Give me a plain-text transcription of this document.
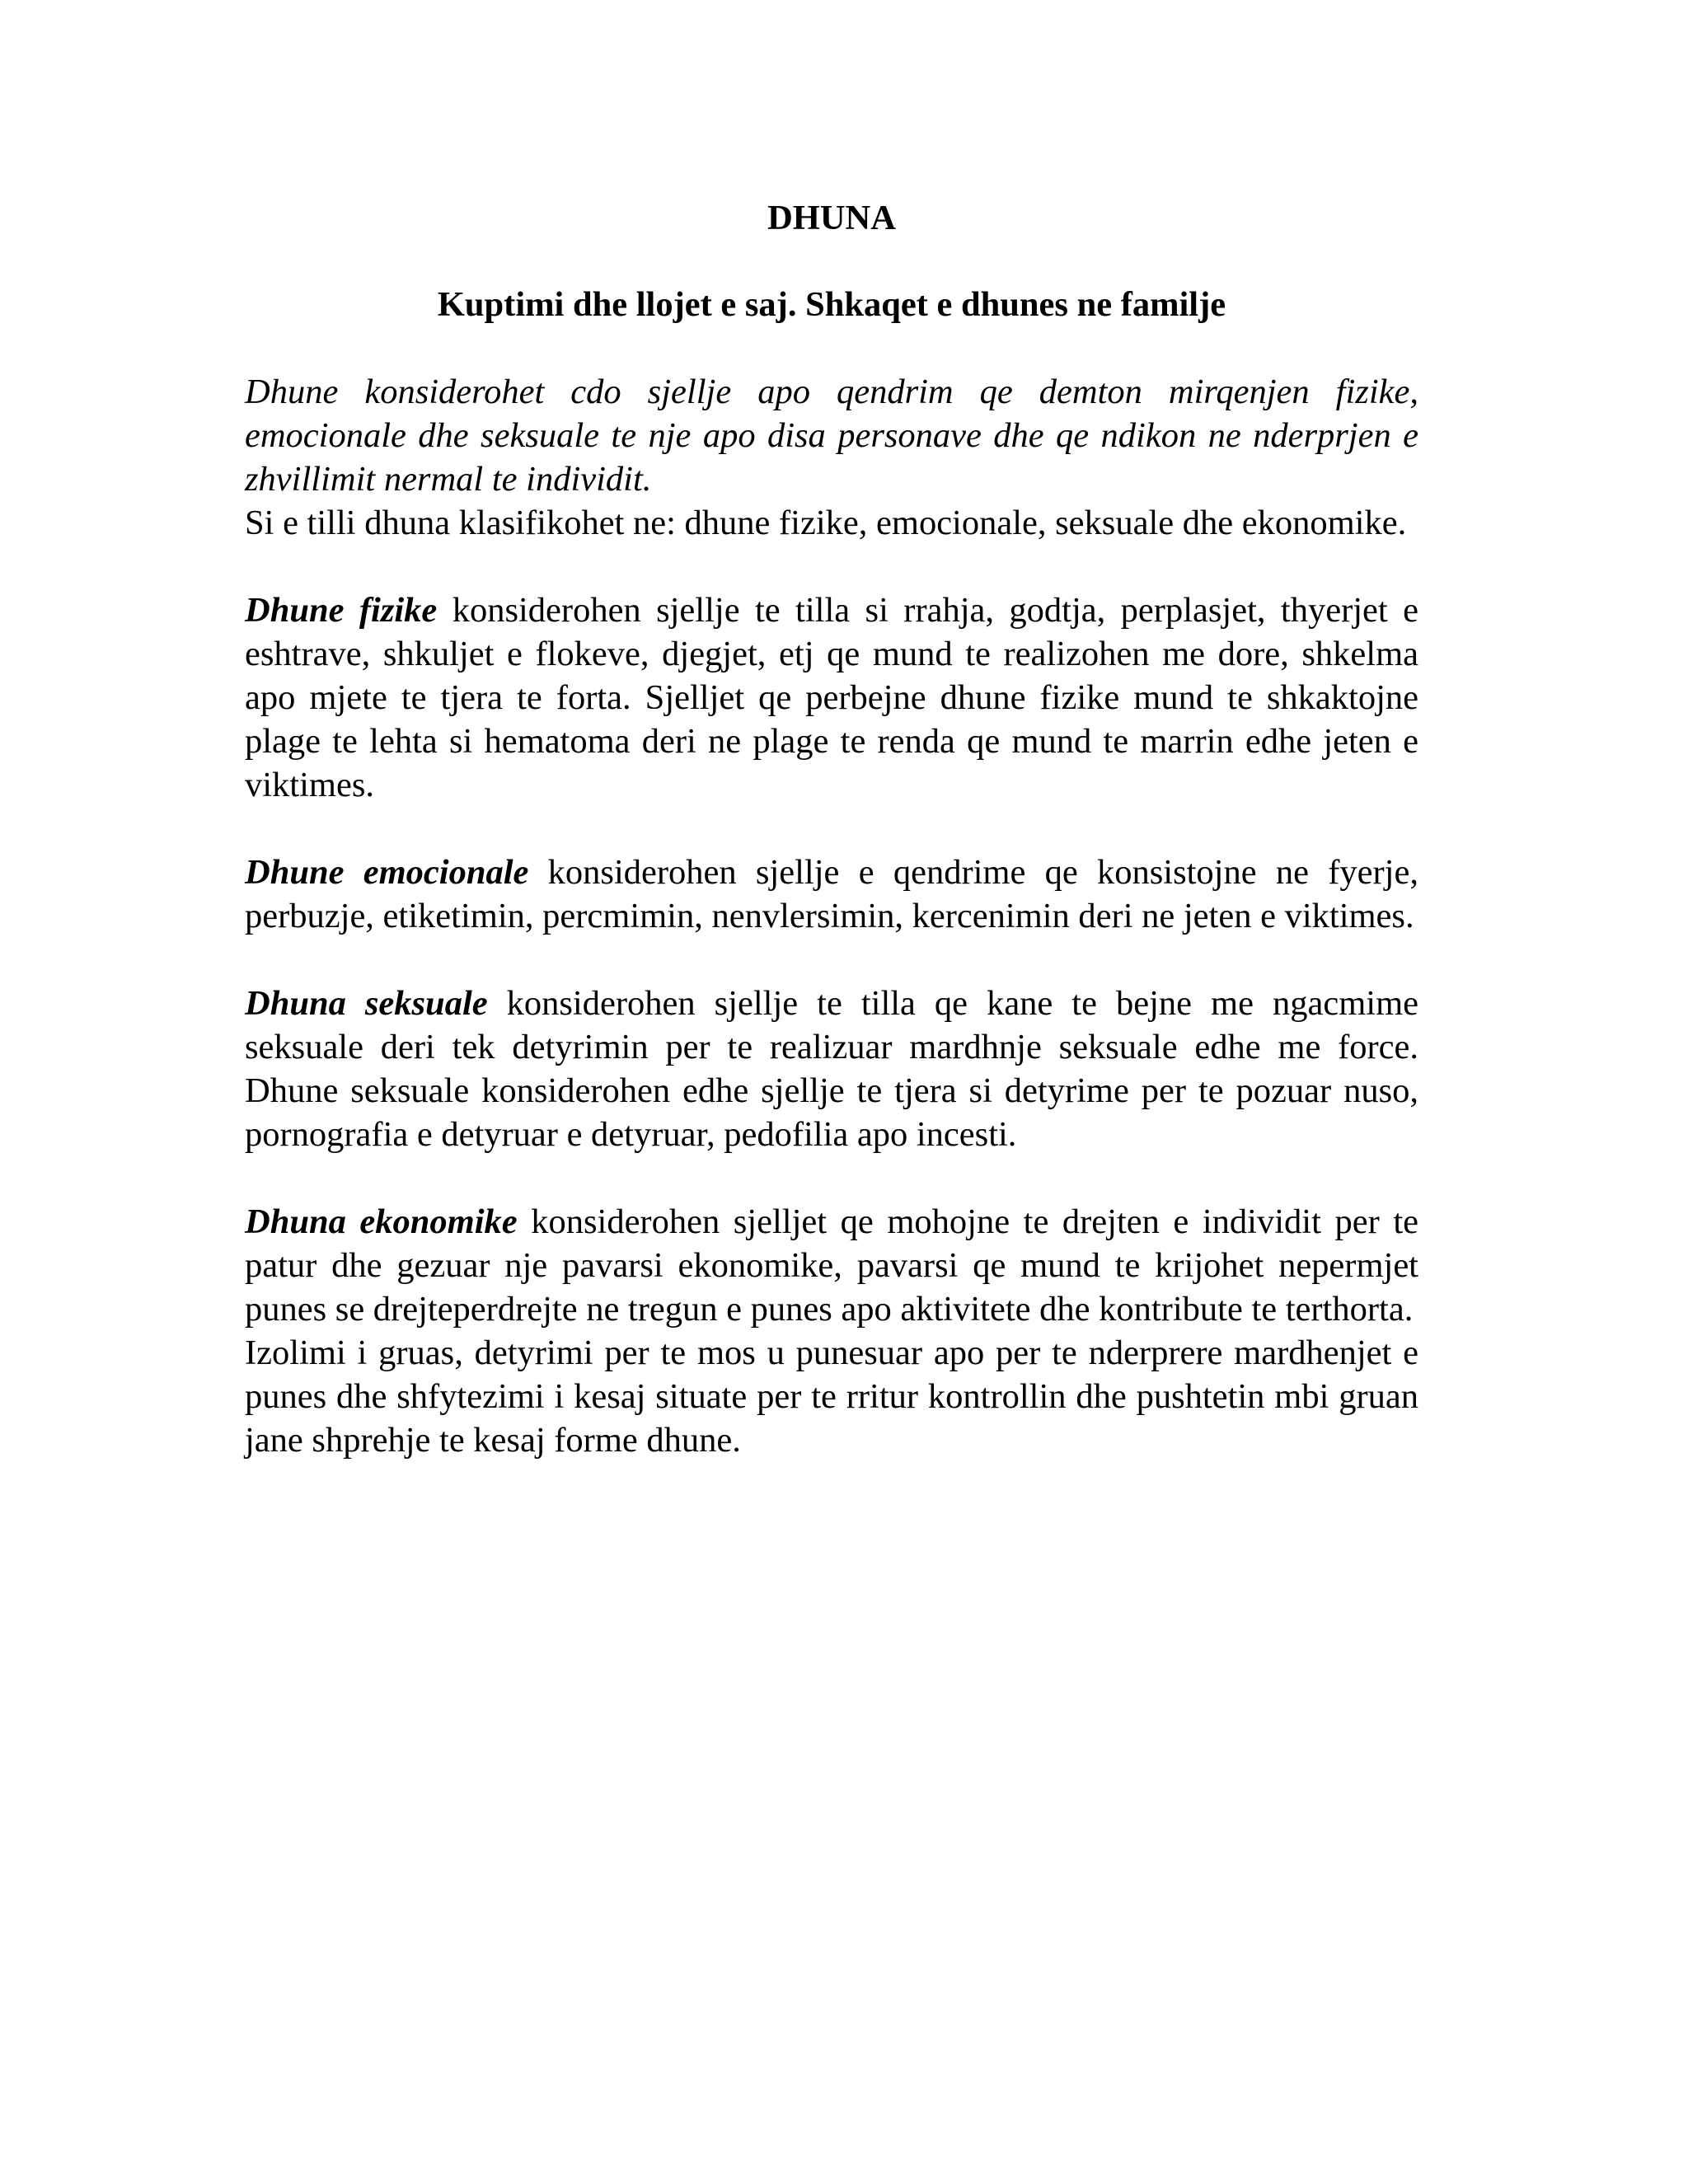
DHUNA
Kuptimi dhe llojet e saj. Shkaqet e dhunes ne familje

Dhune konsiderohet cdo sjellje apo qendrim qe demton mirqenjen fizike, emocionale dhe seksuale te nje apo disa personave dhe qe ndikon ne nderprjen e zhvillimit nermal te individit.

Si e tilli dhuna klasifikohet ne: dhune fizike, emocionale, seksuale dhe ekonomike.

Dhune fizike konsiderohen sjellje te tilla si rrahja, godtja, perplasjet, thyerjet e eshtrave, shkuljet e flokeve, djegjet, etj qe mund te realizohen me dore, shkelma apo mjete te tjera te forta. Sjelljet qe perbejne dhune fizike mund te shkaktojne plage te lehta si hematoma deri ne plage te renda qe mund te marrin edhe jeten e viktimes.

Dhune emocionale konsiderohen sjellje e qendrime qe konsistojne ne fyerje, perbuzje, etiketimin, percmimin, nenvlersimin, kercenimin deri ne jeten e viktimes.

Dhuna seksuale konsiderohen sjellje te tilla qe kane te bejne me ngacmime seksuale deri tek detyrimin per te realizuar mardhnje seksuale edhe me force. Dhune seksuale konsiderohen edhe sjellje te tjera si detyrime per te pozuar nuso, pornografia e detyruar e detyruar, pedofilia apo incesti.

Dhuna ekonomike konsiderohen sjelljet qe mohojne te drejten e individit per te patur dhe gezuar nje pavarsi ekonomike, pavarsi qe mund te krijohet nepermjet punes se drejteperdrejte ne tregun e punes apo aktivitete dhe kontribute te terthorta.

Izolimi i gruas, detyrimi per te mos u punesuar apo per te nderprere mardhenjet e punes dhe shfytezimi i kesaj situate per te rritur kontrollin dhe pushtetin mbi gruan jane shprehje te kesaj forme dhune.
